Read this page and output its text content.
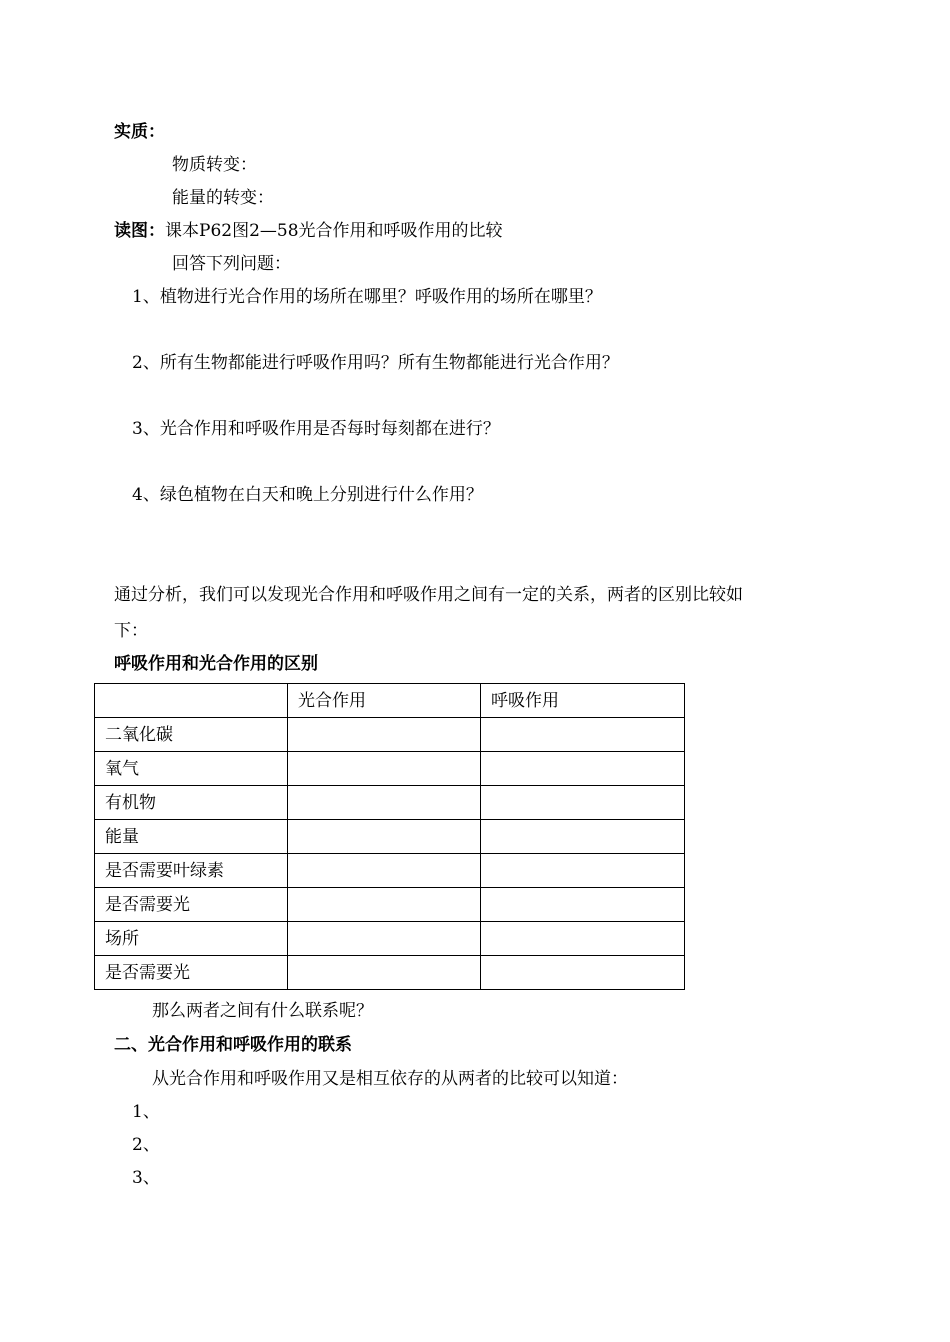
实质：
物质转变：
能量的转变：
读图：课本P62图2—58光合作用和呼吸作用的比较
回答下列问题：
1、植物进行光合作用的场所在哪里？呼吸作用的场所在哪里？
2、所有生物都能进行呼吸作用吗？所有生物都能进行光合作用？
3、光合作用和呼吸作用是否每时每刻都在进行？
4、绿色植物在白天和晚上分别进行什么作用？
通过分析，我们可以发现光合作用和呼吸作用之间有一定的关系，两者的区别比较如
下：
呼吸作用和光合作用的区别
	光合作用	呼吸作用
二氧化碳		
氧气		
有机物		
能量		
是否需要叶绿素		
是否需要光		
场所		
是否需要光		
那么两者之间有什么联系呢？
二、光合作用和呼吸作用的联系
从光合作用和呼吸作用又是相互依存的从两者的比较可以知道：
1、
2、
3、
